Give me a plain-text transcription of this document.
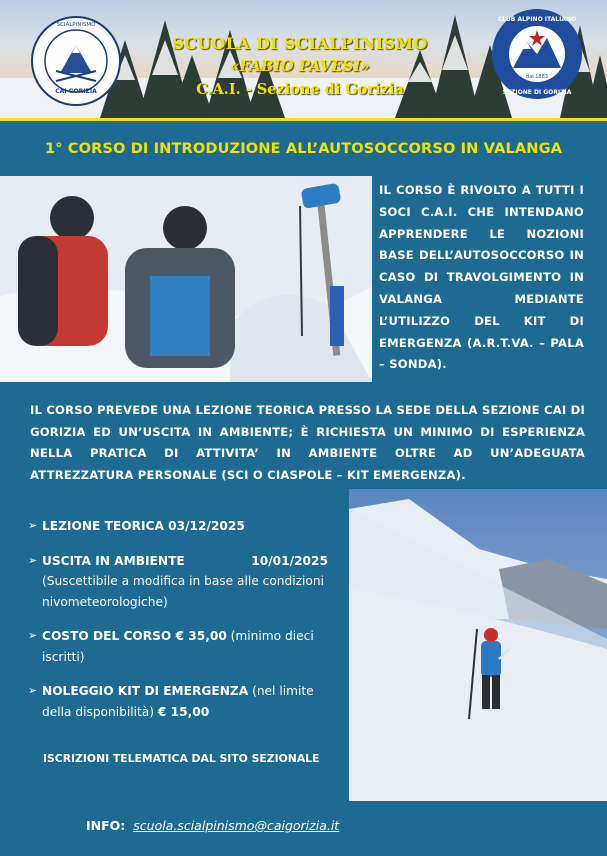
CAI GORIZIA
SCIALPINISMO
SCUOLA DI SCIALPINISMO
«FABIO PAVESI»
C.A.I. - Sezione di Gorizia
dal 1883
CLUB ALPINO ITALIANO
SEZIONE DI GORIZIA
1° CORSO DI INTRODUZIONE ALL’AUTOSOCCORSO IN VALANGA
IL CORSO È RIVOLTO A TUTTI I SOCI C.A.I. CHE INTENDANO APPRENDERE LE NOZIONI BASE DELL’AUTOSOCCORSO IN CASO DI TRAVOLGIMENTO IN VALANGA MEDIANTE L’UTILIZZO DEL KIT DI EMERGENZA (A.R.T.VA. – PALA – SONDA).
IL CORSO PREVEDE UNA LEZIONE TEORICA PRESSO LA SEDE DELLA SEZIONE CAI DI GORIZIA ED UN’USCITA IN AMBIENTE; È RICHIESTA UN MINIMO DI ESPERIENZA NELLA PRATICA DI ATTIVITA’ IN AMBIENTE OLTRE AD UN’ADEGUATA ATTREZZATURA PERSONALE (SCI O CIASPOLE – KIT EMERGENZA).
➢ LEZIONE TEORICA 03/12/2025
➢ USCITA IN AMBIENTE	10/01/2025
(Suscettibile a modifica in base alle condizioni nivometeorologiche)
➢ COSTO DEL CORSO € 35,00 (minimo dieci iscritti)
➢ NOLEGGIO KIT DI EMERGENZA (nel limite della disponibilità) € 15,00
ISCRIZIONI TELEMATICA DAL SITO SEZIONALE
INFO: scuola.scialpinismo@caigorizia.it
